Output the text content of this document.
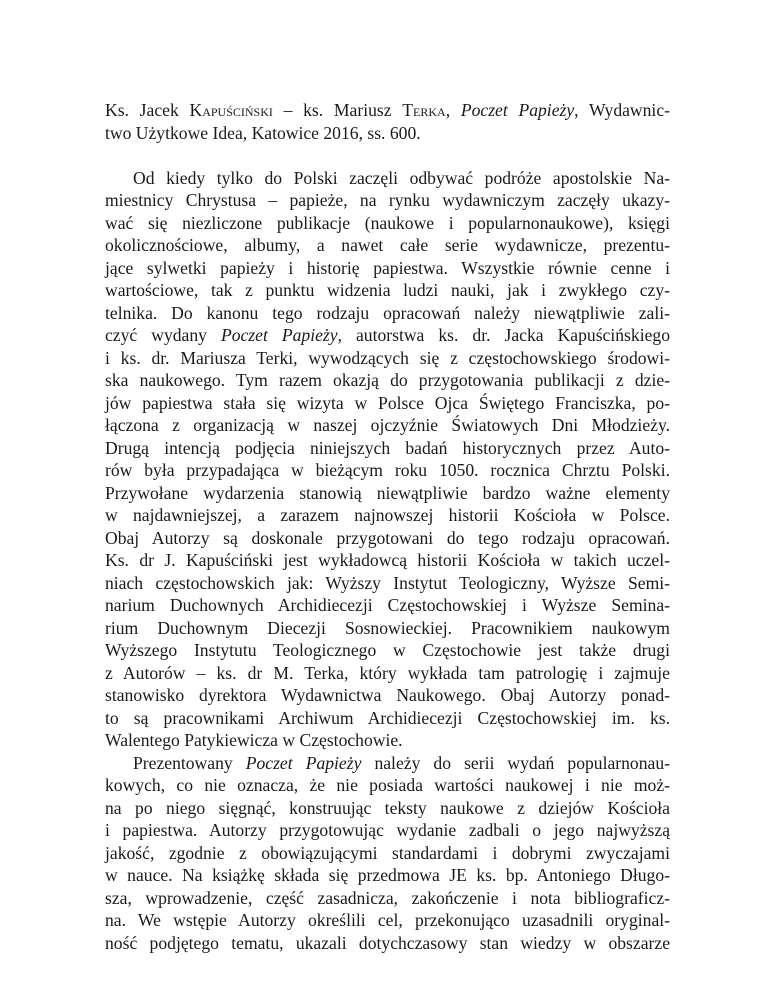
Ks. Jacek Kapuściński – ks. Mariusz Terka, Poczet Papieży, Wydawnic-
two Użytkowe Idea, Katowice 2016, ss. 600.
Od kiedy tylko do Polski zaczęli odbywać podróże apostolskie Na-
miestnicy Chrystusa – papieże, na rynku wydawniczym zaczęły ukazy-
wać się niezliczone publikacje (naukowe i popularnonaukowe), księgi
okolicznościowe, albumy, a nawet całe serie wydawnicze, prezentu-
jące sylwetki papieży i historię papiestwa. Wszystkie równie cenne i
wartościowe, tak z punktu widzenia ludzi nauki, jak i zwykłego czy-
telnika. Do kanonu tego rodzaju opracowań należy niewątpliwie zali-
czyć wydany Poczet Papieży, autorstwa ks. dr. Jacka Kapuścińskiego
i ks. dr. Mariusza Terki, wywodzących się z częstochowskiego środowi-
ska naukowego. Tym razem okazją do przygotowania publikacji z dzie-
jów papiestwa stała się wizyta w Polsce Ojca Świętego Franciszka, po-
łączona z organizacją w naszej ojczyźnie Światowych Dni Młodzieży.
Drugą intencją podjęcia niniejszych badań historycznych przez Auto-
rów była przypadająca w bieżącym roku 1050. rocznica Chrztu Polski.
Przywołane wydarzenia stanowią niewątpliwie bardzo ważne elementy
w najdawniejszej, a zarazem najnowszej historii Kościoła w Polsce.
Obaj Autorzy są doskonale przygotowani do tego rodzaju opracowań.
Ks. dr J. Kapuściński jest wykładowcą historii Kościoła w takich uczel-
niach częstochowskich jak: Wyższy Instytut Teologiczny, Wyższe Semi-
narium Duchownych Archidiecezji Częstochowskiej i Wyższe Semina-
rium Duchownym Diecezji Sosnowieckiej. Pracownikiem naukowym
Wyższego Instytutu Teologicznego w Częstochowie jest także drugi
z Autorów – ks. dr M. Terka, który wykłada tam patrologię i zajmuje
stanowisko dyrektora Wydawnictwa Naukowego. Obaj Autorzy ponad-
to są pracownikami Archiwum Archidiecezji Częstochowskiej im. ks.
Walentego Patykiewicza w Częstochowie.
Prezentowany Poczet Papieży należy do serii wydań popularnonau-
kowych, co nie oznacza, że nie posiada wartości naukowej i nie moż-
na po niego sięgnąć, konstruując teksty naukowe z dziejów Kościoła
i papiestwa. Autorzy przygotowując wydanie zadbali o jego najwyższą
jakość, zgodnie z obowiązującymi standardami i dobrymi zwyczajami
w nauce. Na książkę składa się przedmowa JE ks. bp. Antoniego Długo-
sza, wprowadzenie, część zasadnicza, zakończenie i nota bibliograficz-
na. We wstępie Autorzy określili cel, przekonująco uzasadnili oryginal-
ność podjętego tematu, ukazali dotychczasowy stan wiedzy w obszarze
